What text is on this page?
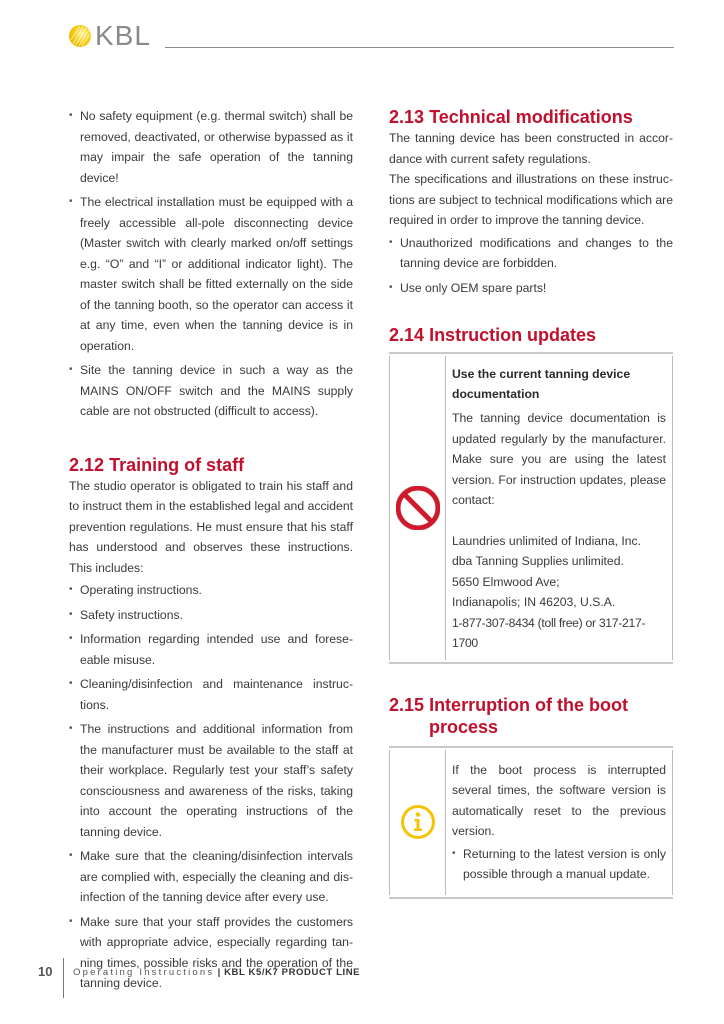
KBL
• No safety equipment (e.g. thermal switch) shall be removed, deactivated, or otherwise bypassed as it may impair the safe operation of the tanning device!
• The electrical installation must be equipped with a freely accessible all-pole disconnecting device (Master switch with clearly marked on/off settings e.g. “O” and “I” or additional indicator light). The master switch shall be fitted externally on the side of the tanning booth, so the operator can access it at any time, even when the tanning device is in operation.
• Site the tanning device in such a way as the MAINS ON/OFF switch and the MAINS supply cable are not obstructed (difficult to access).
2.12 Training of staff

The studio operator is obligated to train his staff and to instruct them in the established legal and accident prevention regulations. He must ensure that his staff has understood and observes these instructions. This includes:

• Operating instructions.
• Safety instructions.
• Information regarding intended use and foreseeable misuse.
• Cleaning/disinfection and maintenance instructions.
• The instructions and additional information from the manufacturer must be available to the staff at their workplace. Regularly test your staff’s safety consciousness and awareness of the risks, taking into account the operating instructions of the tanning device.
• Make sure that the cleaning/disinfection intervals are complied with, especially the cleaning and disinfection of the tanning device after every use.
• Make sure that your staff provides the customers with appropriate advice, especially regarding tanning times, possible risks and the operation of the tanning device.
2.13 Technical modifications

The tanning device has been constructed in accordance with current safety regulations.

The specifications and illustrations on these instructions are subject to technical modifications which are required in order to improve the tanning device.

• Unauthorized modifications and changes to the tanning device are forbidden.
• Use only OEM spare parts!
2.14 Instruction updates
Use the current tanning device documentation

The tanning device documentation is updated regularly by the manufacturer. Make sure you are using the latest version. For instruction updates, please contact:

Laundries unlimited of Indiana, Inc.
dba Tanning Supplies unlimited.
5650 Elmwood Ave;
Indianapolis; IN 46203, U.S.A.
1-877-307-8434 (toll free) or 317-217-1700
2.15 Interruption of the boot process

If the boot process is interrupted several times, the software version is automatically reset to the previous version.

• Returning to the latest version is only possible through a manual update.
10 Operating Instructions | KBL K5/K7 PRODUCT LINE
